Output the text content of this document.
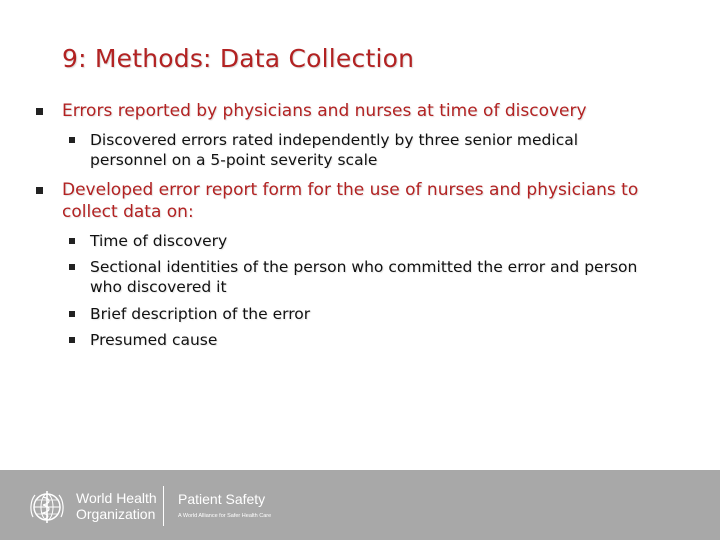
9: Methods: Data Collection
Errors reported by physicians and nurses at time of discovery
Discovered errors rated independently by three senior medical personnel on a 5-point severity scale
Developed error report form for the use of nurses and physicians to collect data on:
Time of discovery
Sectional identities of the person who committed the error and person who discovered it
Brief description of the error
Presumed cause
World Health Organization
Patient Safety
A World Alliance for Safer Health Care
